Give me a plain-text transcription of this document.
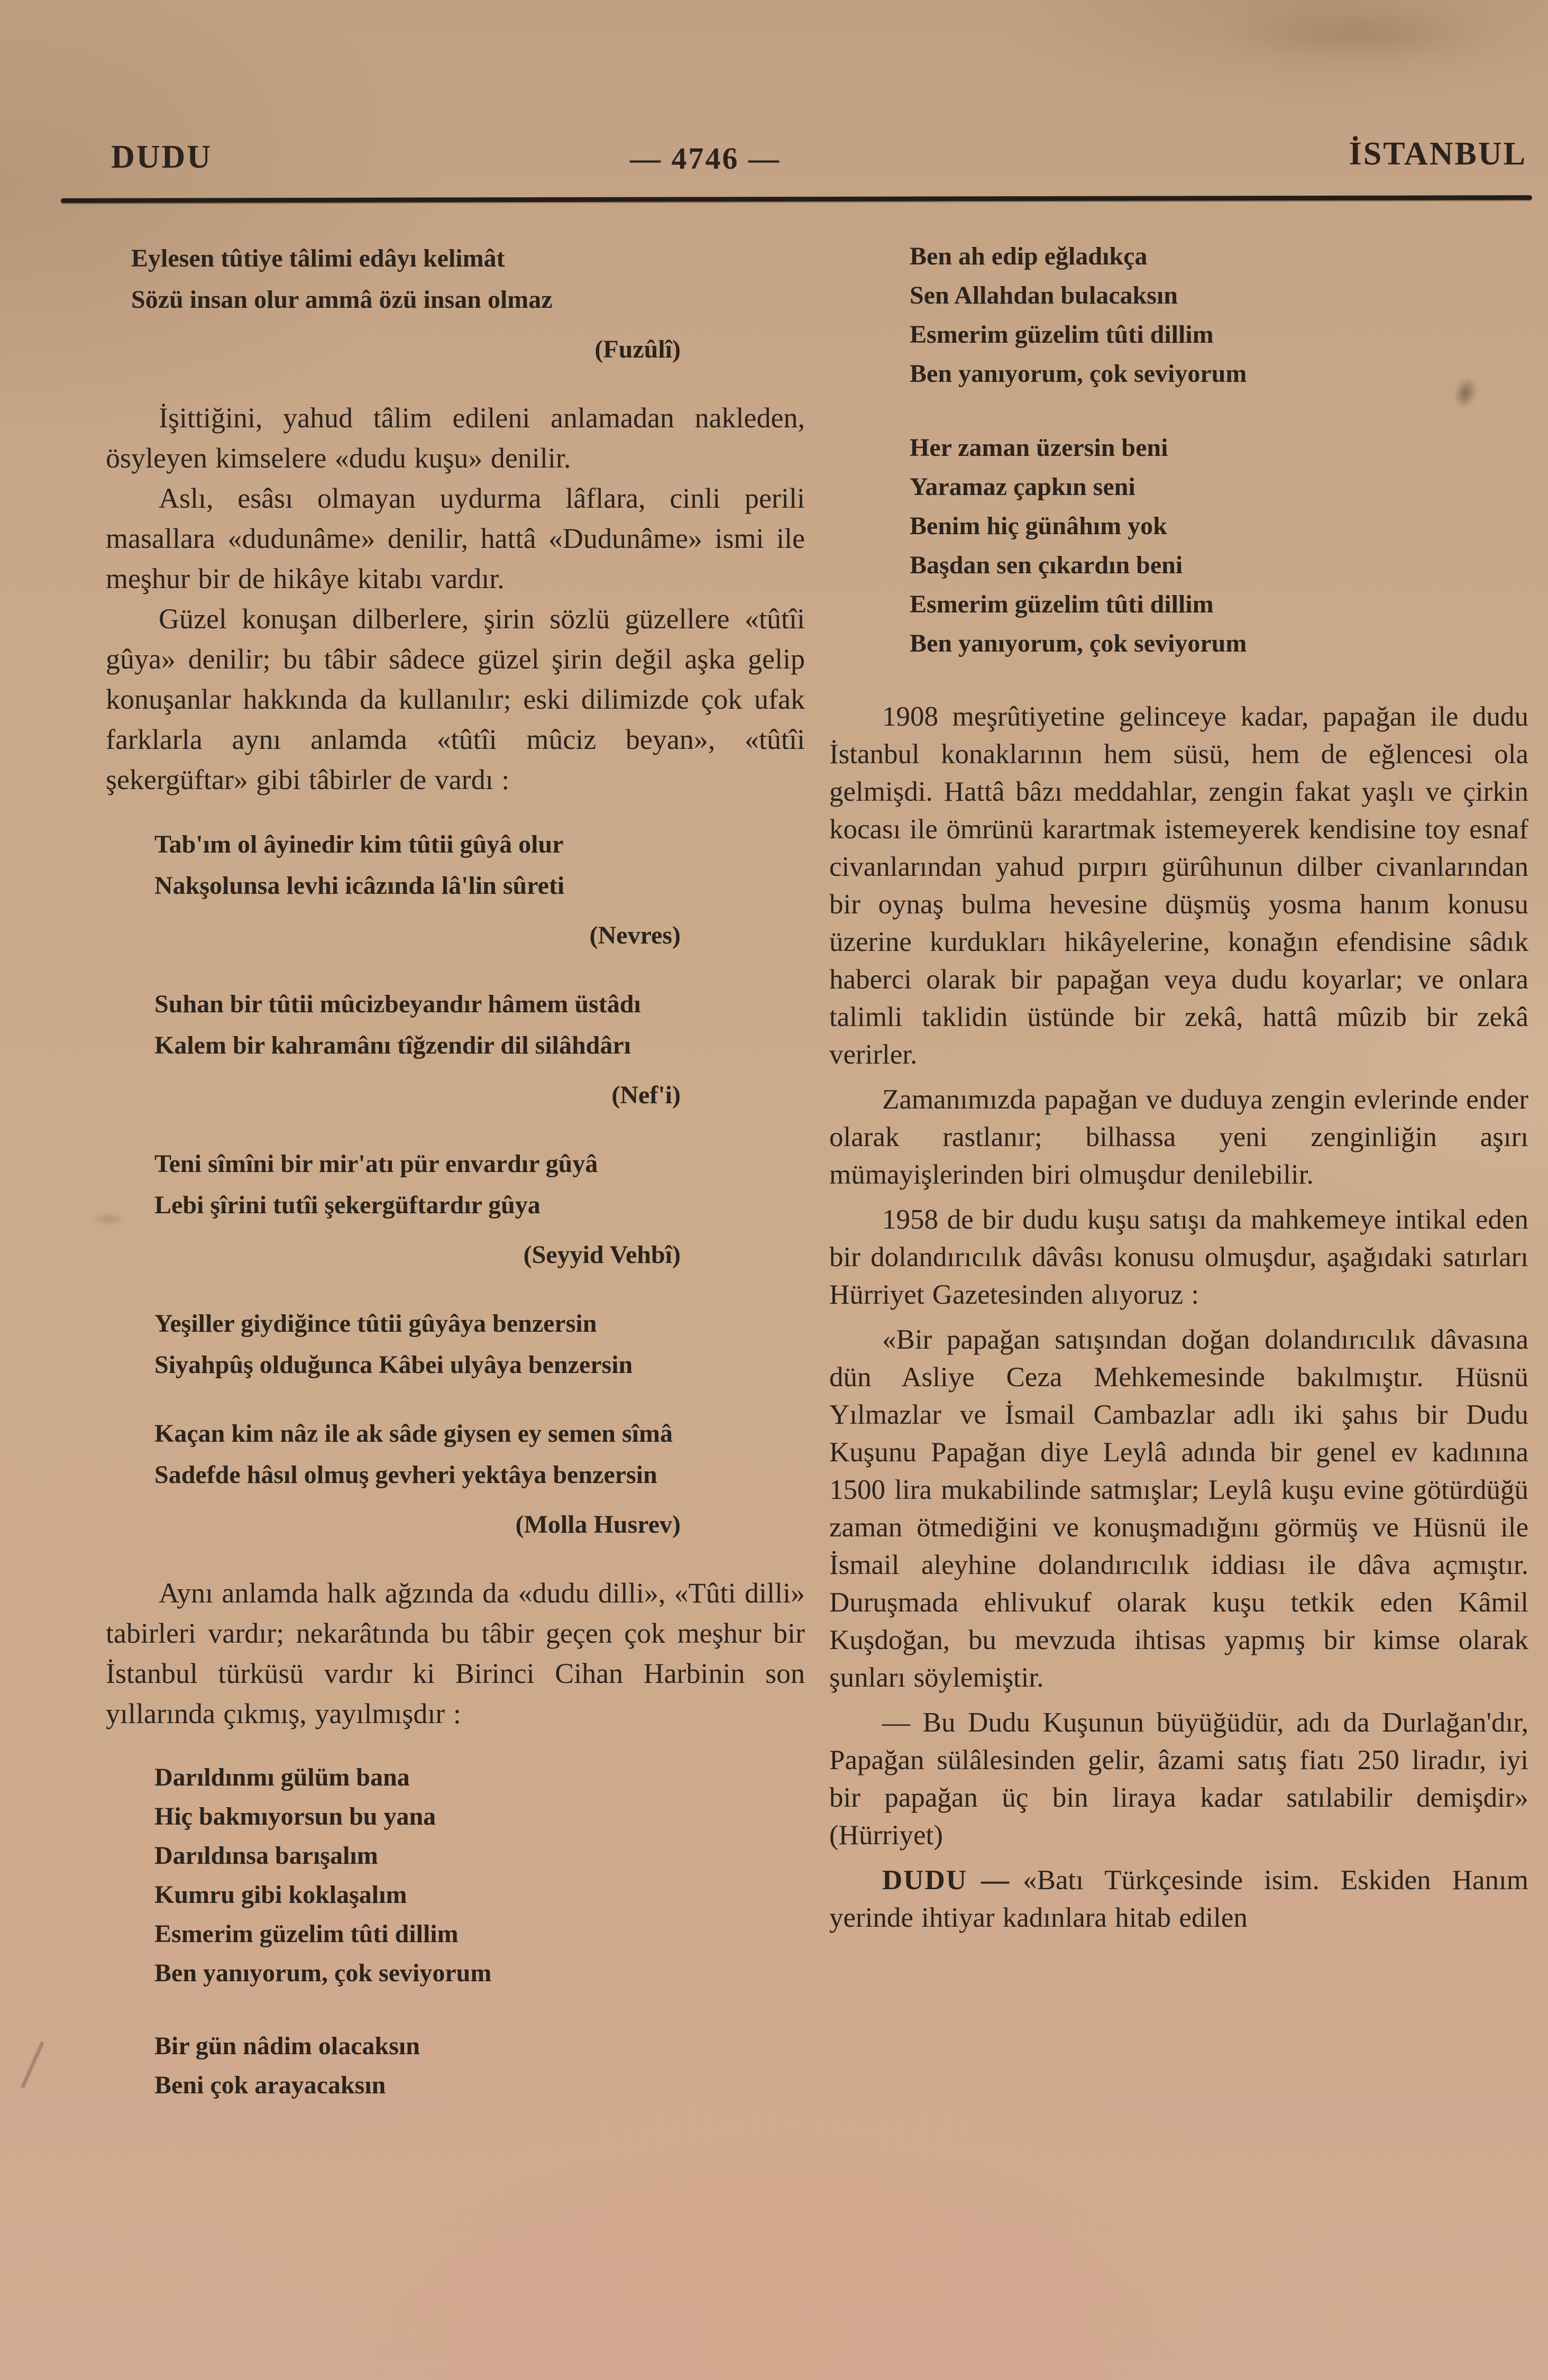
DUDU	— 4746 —	İSTANBUL
Eylesen tûtiye tâlimi edâyı kelimât
Sözü insan olur ammâ özü insan olmaz
(Fuzûlî)

İşittiğini, yahud tâlim edileni anlamadan nakleden, ösyleyen kimselere «dudu kuşu» denilir.

Aslı, esâsı olmayan uydurma lâflara, cinli perili masallara «dudunâme» denilir, hattâ «Dudunâme» ismi ile meşhur bir de hikâye kitabı vardır.

Güzel konuşan dilberlere, şirin sözlü güzellere «tûtîi gûya» denilir; bu tâbir sâdece güzel şirin değil aşka gelip konuşanlar hakkında da kullanılır; eski dilimizde çok ufak farklarla aynı anlamda «tûtîi mûciz beyan», «tûtîi şekergüftar» gibi tâbirler de vardı :

Tab'ım ol âyinedir kim tûtii gûyâ olur
Nakşolunsa levhi icâzında lâ'lin sûreti
(Nevres)
Suhan bir tûtii mûcizbeyandır hâmem üstâdı
Kalem bir kahramânı tîğzendir dil silâhdârı
(Nef'i)
Teni sîmîni bir mir'atı pür envardır gûyâ
Lebi şîrini tutîi şekergüftardır gûya
(Seyyid Vehbî)
Yeşiller giydiğince tûtii gûyâya benzersin
Siyahpûş olduğunca Kâbei ulyâya benzersin
Kaçan kim nâz ile ak sâde giysen ey semen sîmâ
Sadefde hâsıl olmuş gevheri yektâya benzersin
(Molla Husrev)

Aynı anlamda halk ağzında da «dudu dilli», «Tûti dilli» tabirleri vardır; nekarâtında bu tâbir geçen çok meşhur bir İstanbul türküsü vardır ki Birinci Cihan Harbinin son yıllarında çıkmış, yayılmışdır :

Darıldınmı gülüm bana
Hiç bakmıyorsun bu yana
Darıldınsa barışalım
Kumru gibi koklaşalım
Esmerim güzelim tûti dillim
Ben yanıyorum, çok seviyorum
Bir gün nâdim olacaksın
Beni çok arayacaksın
Ben ah edip eğladıkça
Sen Allahdan bulacaksın
Esmerim güzelim tûti dillim
Ben yanıyorum, çok seviyorum
Her zaman üzersin beni
Yaramaz çapkın seni
Benim hiç günâhım yok
Başdan sen çıkardın beni
Esmerim güzelim tûti dillim
Ben yanıyorum, çok seviyorum

1908 meşrûtiyetine gelinceye kadar, papağan ile dudu İstanbul konaklarının hem süsü, hem de eğlencesi ola gelmişdi. Hattâ bâzı meddahlar, zengin fakat yaşlı ve çirkin kocası ile ömrünü karartmak istemeyerek kendisine toy esnaf civanlarından yahud pırpırı gürûhunun dilber civanlarından bir oynaş bulma hevesine düşmüş yosma hanım konusu üzerine kurdukları hikâyelerine, konağın efendisine sâdık haberci olarak bir papağan veya dudu koyarlar; ve onlara talimli taklidin üstünde bir zekâ, hattâ mûzib bir zekâ verirler.

Zamanımızda papağan ve duduya zengin evlerinde ender olarak rastlanır; bilhassa yeni zenginliğin aşırı mümayişlerinden biri olmuşdur denilebilir.

1958 de bir dudu kuşu satışı da mahkemeye intikal eden bir dolandırıcılık dâvâsı konusu olmuşdur, aşağıdaki satırları Hürriyet Gazetesinden alıyoruz :

«Bir papağan satışından doğan dolandırıcılık dâvasına dün Asliye Ceza Mehkemesinde bakılmıştır. Hüsnü Yılmazlar ve İsmail Cambazlar adlı iki şahıs bir Dudu Kuşunu Papağan diye Leylâ adında bir genel ev kadınına 1500 lira mukabilinde satmışlar; Leylâ kuşu evine götürdüğü zaman ötmediğini ve konuşmadığını görmüş ve Hüsnü ile İsmail aleyhine dolandırıcılık iddiası ile dâva açmıştır. Duruşmada ehlivukuf olarak kuşu tetkik eden Kâmil Kuşdoğan, bu mevzuda ihtisas yapmış bir kimse olarak şunları söylemiştir.

— Bu Dudu Kuşunun büyüğüdür, adı da Durlağan'dır, Papağan sülâlesinden gelir, âzami satış fiatı 250 liradır, iyi bir papağan üç bin liraya kadar satılabilir demişdir» (Hürriyet)

DUDU — «Batı Türkçesinde isim. Eskiden Hanım yerinde ihtiyar kadınlara hitab edilen
